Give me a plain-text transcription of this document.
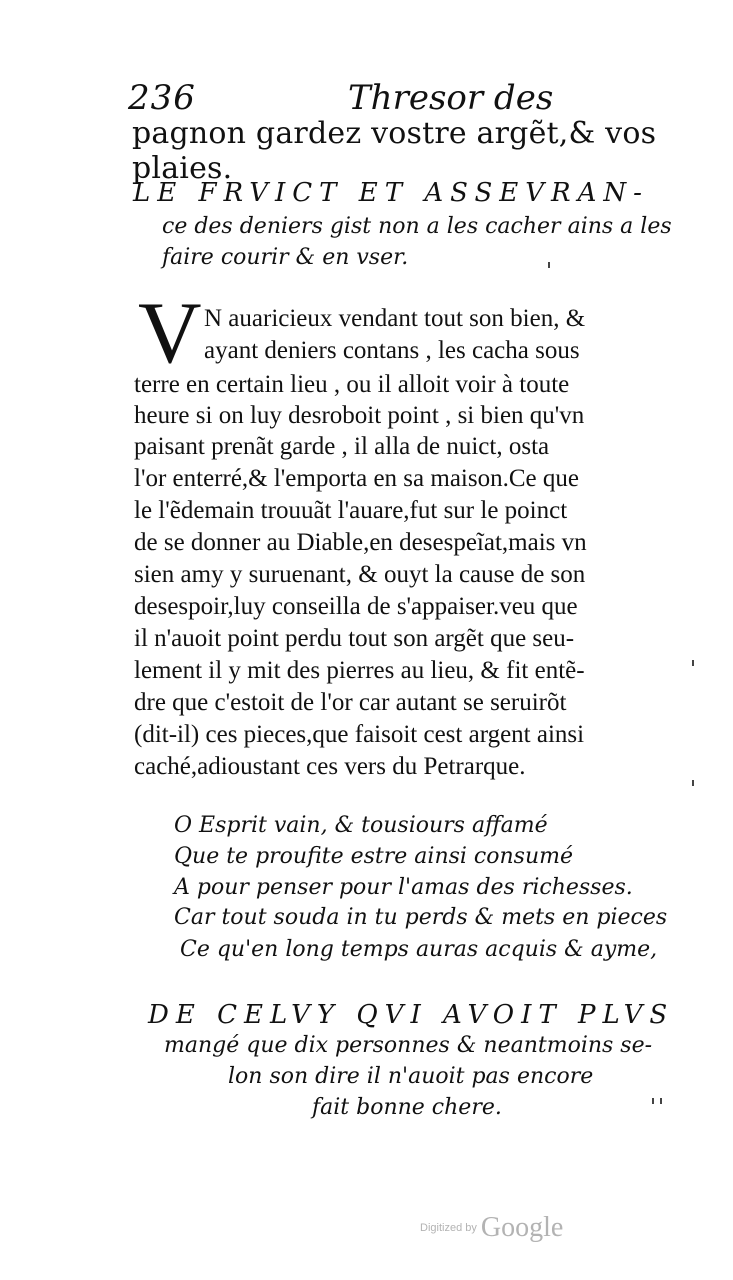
236	Thresor des
pagnon gardez vostre argẽt,& vos plaies.
LE FRVICT ET ASSEVRAN-
ce des deniers gist non a les cacher ains a les
faire courir & en vser.
V N auaricieux vendant tout son bien, &
ayant deniers contans , les cacha sous
terre en certain lieu , ou il alloit voir à toute
heure si on luy desroboit point , si bien qu'vn
paisant prenãt garde , il alla de nuict, osta
l'or enterré,& l'emporta en sa maison.Ce que
le l'ẽdemain trouuãt l'auare,fut sur le poinct
de se donner au Diable,en desespeĩat,mais vn
sien amy y suruenant, & ouyt la cause de son
desespoir,luy conseilla de s'appaiser.veu que
il n'auoit point perdu tout son argẽt que seu-
lement il y mit des pierres au lieu, & fit entẽ-
dre que c'estoit de l'or car autant se seruirõt
(dit-il) ces pieces,que faisoit cest argent ainsi
caché,adioustant ces vers du Petrarque.
O Esprit vain, & tousiours affamé
Que te proufite estre ainsi consumé
A pour penser pour l'amas des richesses.
Car tout souda in tu perds & mets en pieces
Ce qu'en long temps auras acquis & ayme,
DE CELVY QVI AVOIT PLVS
mangé que dix personnes & neantmoins se-
lon son dire il n'auoit pas encore
fait bonne chere.
Digitized by Google
